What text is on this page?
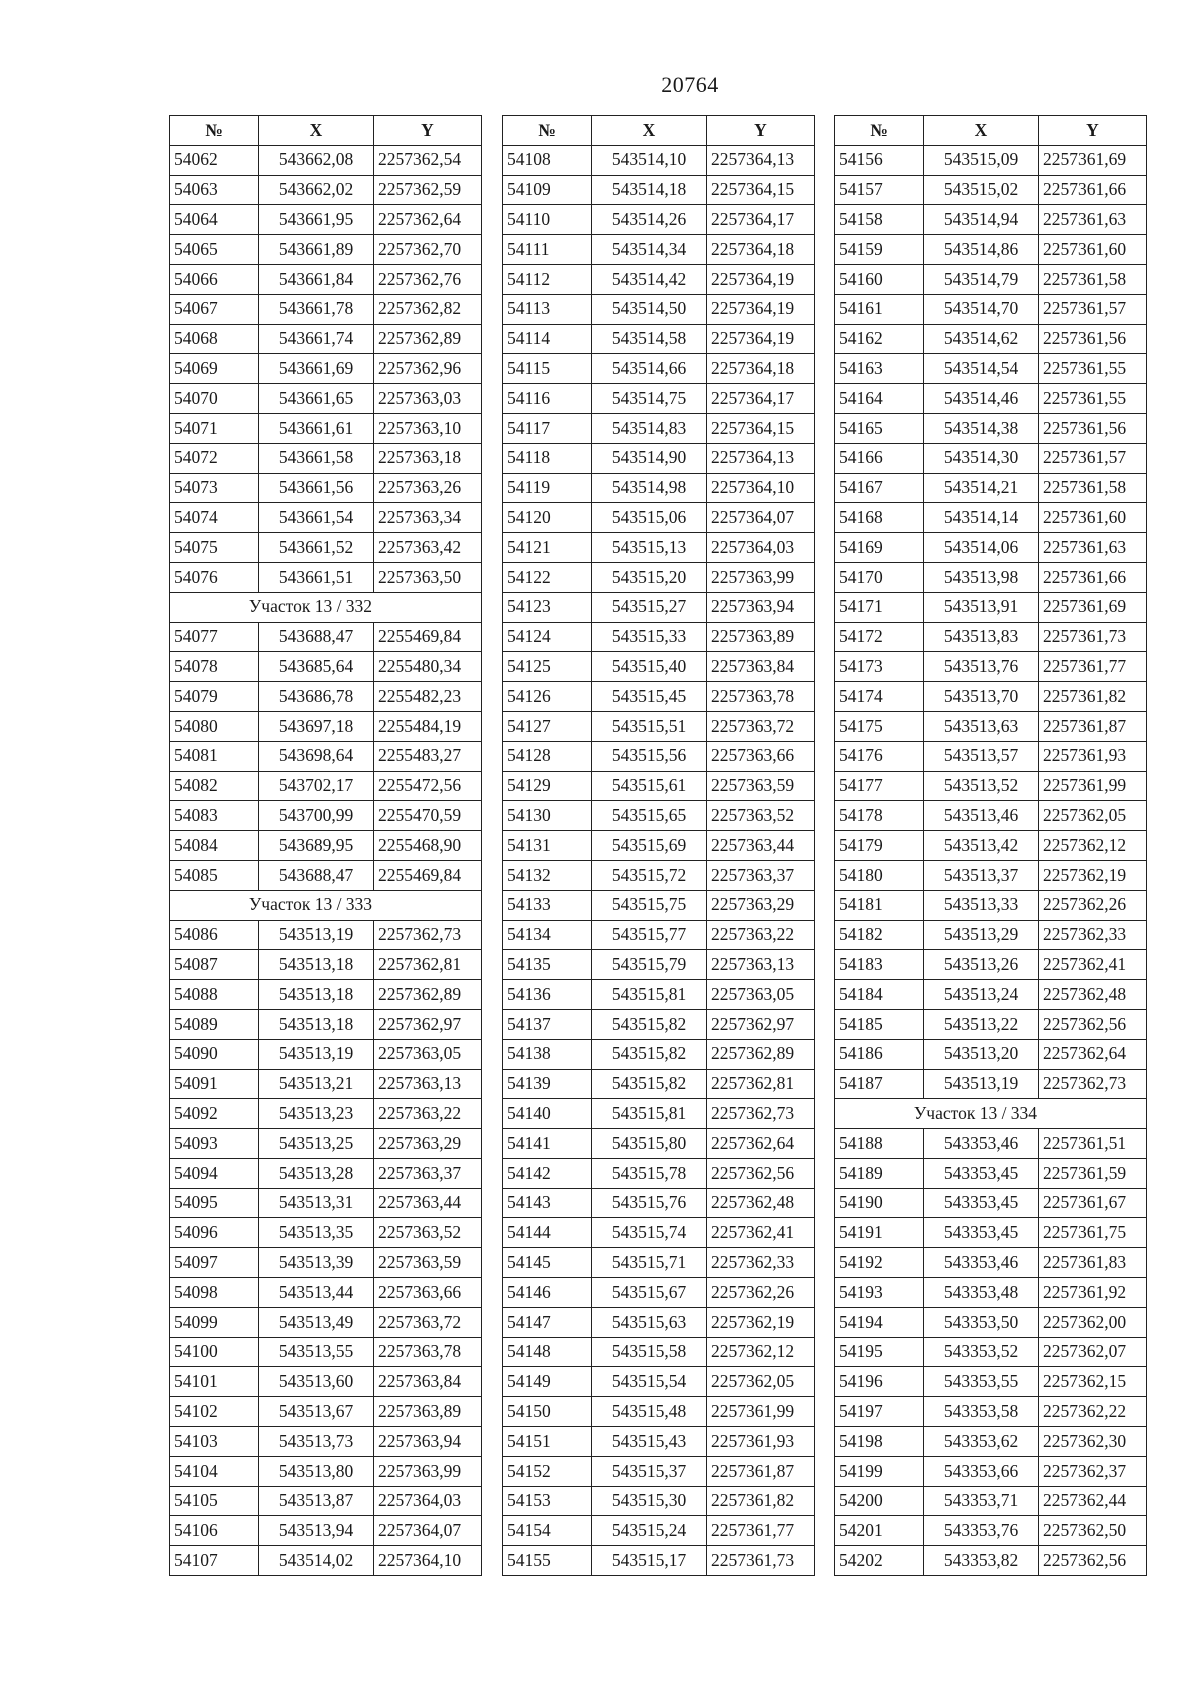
20764
№	X	Y
54062	543662,08	2257362,54
54063	543662,02	2257362,59
54064	543661,95	2257362,64
54065	543661,89	2257362,70
54066	543661,84	2257362,76
54067	543661,78	2257362,82
54068	543661,74	2257362,89
54069	543661,69	2257362,96
54070	543661,65	2257363,03
54071	543661,61	2257363,10
54072	543661,58	2257363,18
54073	543661,56	2257363,26
54074	543661,54	2257363,34
54075	543661,52	2257363,42
54076	543661,51	2257363,50
Участок 13 / 332		
54077	543688,47	2255469,84
54078	543685,64	2255480,34
54079	543686,78	2255482,23
54080	543697,18	2255484,19
54081	543698,64	2255483,27
54082	543702,17	2255472,56
54083	543700,99	2255470,59
54084	543689,95	2255468,90
54085	543688,47	2255469,84
Участок 13 / 333		
54086	543513,19	2257362,73
54087	543513,18	2257362,81
54088	543513,18	2257362,89
54089	543513,18	2257362,97
54090	543513,19	2257363,05
54091	543513,21	2257363,13
54092	543513,23	2257363,22
54093	543513,25	2257363,29
54094	543513,28	2257363,37
54095	543513,31	2257363,44
54096	543513,35	2257363,52
54097	543513,39	2257363,59
54098	543513,44	2257363,66
54099	543513,49	2257363,72
54100	543513,55	2257363,78
54101	543513,60	2257363,84
54102	543513,67	2257363,89
54103	543513,73	2257363,94
54104	543513,80	2257363,99
54105	543513,87	2257364,03
54106	543513,94	2257364,07
54107	543514,02	2257364,10
№	X	Y
54108	543514,10	2257364,13
54109	543514,18	2257364,15
54110	543514,26	2257364,17
54111	543514,34	2257364,18
54112	543514,42	2257364,19
54113	543514,50	2257364,19
54114	543514,58	2257364,19
54115	543514,66	2257364,18
54116	543514,75	2257364,17
54117	543514,83	2257364,15
54118	543514,90	2257364,13
54119	543514,98	2257364,10
54120	543515,06	2257364,07
54121	543515,13	2257364,03
54122	543515,20	2257363,99
54123	543515,27	2257363,94
54124	543515,33	2257363,89
54125	543515,40	2257363,84
54126	543515,45	2257363,78
54127	543515,51	2257363,72
54128	543515,56	2257363,66
54129	543515,61	2257363,59
54130	543515,65	2257363,52
54131	543515,69	2257363,44
54132	543515,72	2257363,37
54133	543515,75	2257363,29
54134	543515,77	2257363,22
54135	543515,79	2257363,13
54136	543515,81	2257363,05
54137	543515,82	2257362,97
54138	543515,82	2257362,89
54139	543515,82	2257362,81
54140	543515,81	2257362,73
54141	543515,80	2257362,64
54142	543515,78	2257362,56
54143	543515,76	2257362,48
54144	543515,74	2257362,41
54145	543515,71	2257362,33
54146	543515,67	2257362,26
54147	543515,63	2257362,19
54148	543515,58	2257362,12
54149	543515,54	2257362,05
54150	543515,48	2257361,99
54151	543515,43	2257361,93
54152	543515,37	2257361,87
54153	543515,30	2257361,82
54154	543515,24	2257361,77
54155	543515,17	2257361,73
№	X	Y
54156	543515,09	2257361,69
54157	543515,02	2257361,66
54158	543514,94	2257361,63
54159	543514,86	2257361,60
54160	543514,79	2257361,58
54161	543514,70	2257361,57
54162	543514,62	2257361,56
54163	543514,54	2257361,55
54164	543514,46	2257361,55
54165	543514,38	2257361,56
54166	543514,30	2257361,57
54167	543514,21	2257361,58
54168	543514,14	2257361,60
54169	543514,06	2257361,63
54170	543513,98	2257361,66
54171	543513,91	2257361,69
54172	543513,83	2257361,73
54173	543513,76	2257361,77
54174	543513,70	2257361,82
54175	543513,63	2257361,87
54176	543513,57	2257361,93
54177	543513,52	2257361,99
54178	543513,46	2257362,05
54179	543513,42	2257362,12
54180	543513,37	2257362,19
54181	543513,33	2257362,26
54182	543513,29	2257362,33
54183	543513,26	2257362,41
54184	543513,24	2257362,48
54185	543513,22	2257362,56
54186	543513,20	2257362,64
54187	543513,19	2257362,73
Участок 13 / 334		
54188	543353,46	2257361,51
54189	543353,45	2257361,59
54190	543353,45	2257361,67
54191	543353,45	2257361,75
54192	543353,46	2257361,83
54193	543353,48	2257361,92
54194	543353,50	2257362,00
54195	543353,52	2257362,07
54196	543353,55	2257362,15
54197	543353,58	2257362,22
54198	543353,62	2257362,30
54199	543353,66	2257362,37
54200	543353,71	2257362,44
54201	543353,76	2257362,50
54202	543353,82	2257362,56
